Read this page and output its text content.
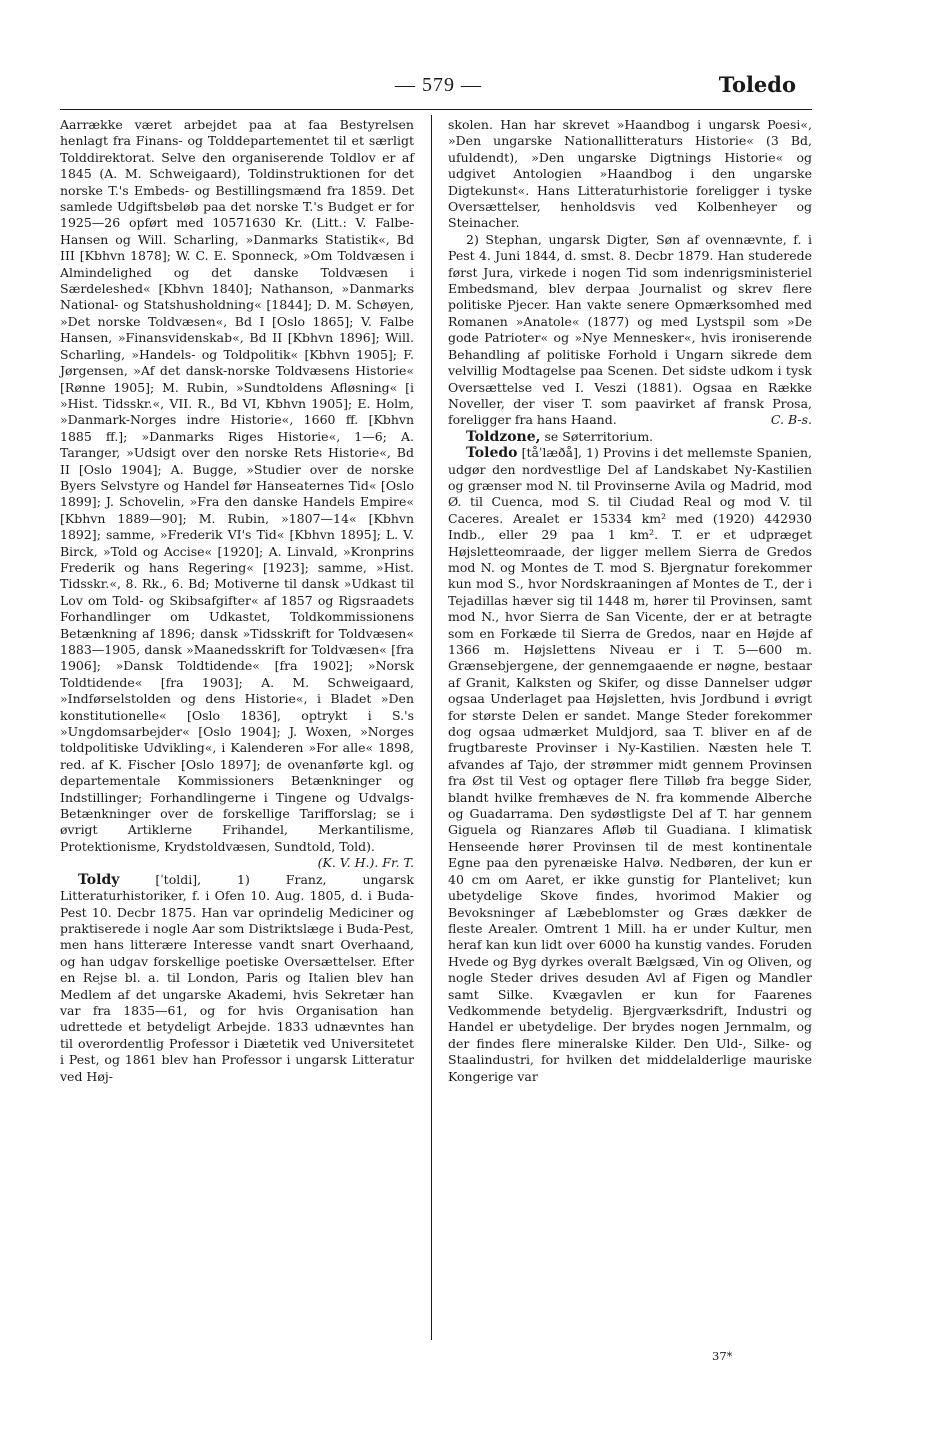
— 579 —	Toledo

Aarrække været arbejdet paa at faa Bestyrelsen henlagt fra Finans- og Tolddepartementet til et særligt Tolddirektorat. Selve den organiserende Toldlov er af 1845 (A. M. Schweigaard), Toldinstruktionen for det norske T.'s Embeds- og Bestillingsmænd fra 1859. Det samlede Udgiftsbeløb paa det norske T.'s Budget er for 1925—26 opført med 10571630 Kr. (Litt.: V. Falbe-Hansen og Will. Scharling, »Danmarks Statistik«, Bd III [Kbhvn 1878]; W. C. E. Sponneck, »Om Toldvæsen i Almindelighed og det danske Toldvæsen i Særdeleshed« [Kbhvn 1840]; Nathanson, »Danmarks National- og Statshusholdning« [1844]; D. M. Schøyen, »Det norske Toldvæsen«, Bd I [Oslo 1865]; V. Falbe Hansen, »Finansvidenskab«, Bd II [Kbhvn 1896]; Will. Scharling, »Handels- og Toldpolitik« [Kbhvn 1905]; F. Jørgensen, »Af det dansk-norske Toldvæsens Historie« [Rønne 1905]; M. Rubin, »Sundtoldens Afløsning« [i »Hist. Tidsskr.«, VII. R., Bd VI, Kbhvn 1905]; E. Holm, »Danmark-Norges indre Historie«, 1660 ff. [Kbhvn 1885 ff.]; »Danmarks Riges Historie«, 1—6; A. Taranger, »Udsigt over den norske Rets Historie«, Bd II [Oslo 1904]; A. Bugge, »Studier over de norske Byers Selvstyre og Handel før Hanseaternes Tid« [Oslo 1899]; J. Schovelin, »Fra den danske Handels Empire« [Kbhvn 1889—90]; M. Rubin, »1807—14« [Kbhvn 1892]; samme, »Frederik VI's Tid« [Kbhvn 1895]; L. V. Birck, »Told og Accise« [1920]; A. Linvald, »Kronprins Frederik og hans Regering« [1923]; samme, »Hist. Tidsskr.«, 8. Rk., 6. Bd; Motiverne til dansk »Udkast til Lov om Told- og Skibsafgifter« af 1857 og Rigsraadets Forhandlinger om Udkastet, Toldkommissionens Betænkning af 1896; dansk »Tidsskrift for Toldvæsen« 1883—1905, dansk »Maanedsskrift for Toldvæsen« [fra 1906]; »Dansk Toldtidende« [fra 1902]; »Norsk Toldtidende« [fra 1903]; A. M. Schweigaard, »Indførselstolden og dens Historie«, i Bladet »Den konstitutionelle« [Oslo 1836], optrykt i S.'s »Ungdomsarbejder« [Oslo 1904]; J. Woxen, »Norges toldpolitiske Udvikling«, i Kalenderen »For alle« 1898, red. af K. Fischer [Oslo 1897]; de ovenanførte kgl. og departementale Kommissioners Betænkninger og Indstillinger; Forhandlingerne i Tingene og Udvalgs-Betænkninger over de forskellige Tarifforslag; se i øvrigt Artiklerne Frihandel, Merkantilisme, Protektionisme, Krydstoldvæsen, Sundtold, Told).
(K. V. H.). Fr. T.

Toldy	[ˈtoldi], 1) Franz, ungarsk Litteraturhistoriker, f. i Ofen 10. Aug. 1805, d. i Buda-Pest 10. Decbr 1875. Han var oprindelig Mediciner og praktiserede i nogle Aar som Distriktslæge i Buda-Pest, men hans litterære Interesse vandt snart Overhaand, og han udgav forskellige poetiske Oversættelser. Efter en Rejse bl. a. til London, Paris og Italien blev han Medlem af det ungarske Akademi, hvis Sekretær han var fra 1835—61, og for hvis Organisation han udrettede et betydeligt Arbejde. 1833 udnævntes han til overordentlig Professor i Diætetik ved Universitetet i Pest, og 1861 blev han Professor i ungarsk Litteratur ved Høj-

skolen. Han har skrevet »Haandbog i ungarsk Poesi«, »Den ungarske Nationallitteraturs Historie« (3 Bd, ufuldendt), »Den ungarske Digtnings Historie« og udgivet Antologien »Haandbog i den ungarske Digtekunst«. Hans Litteraturhistorie foreligger i tyske Oversættelser, henholdsvis ved Kolbenheyer og Steinacher.

2) Stephan, ungarsk Digter, Søn af ovennævnte, f. i Pest 4. Juni 1844, d. smst. 8. Decbr 1879. Han studerede først Jura, virkede i nogen Tid som indenrigsministeriel Embedsmand, blev derpaa Journalist og skrev flere politiske Pjecer. Han vakte senere Opmærksomhed med Romanen »Anatole« (1877) og med Lystspil som »De gode Patrioter« og »Nye Mennesker«, hvis ironiserende Behandling af politiske Forhold i Ungarn sikrede dem velvillig Modtagelse paa Scenen. Det sidste udkom i tysk Oversættelse ved I. Veszi (1881). Ogsaa en Række Noveller, der viser T. som paavirket af fransk Prosa, foreligger fra hans Haand.	C. B-s.

Toldzone, se Søterritorium.

Toledo [tåˈlæðå], 1) Provins i det mellemste Spanien, udgør den nordvestlige Del af Landskabet Ny-Kastilien og grænser mod N. til Provinserne Avila og Madrid, mod Ø. til Cuenca, mod S. til Ciudad Real og mod V. til Caceres. Arealet er 15334 km² med (1920) 442930 Indb., eller 29 paa 1 km². T. er et udpræget Højsletteomraade, der ligger mellem Sierra de Gredos mod N. og Montes de T. mod S. Bjergnatur forekommer kun mod S., hvor Nordskraaningen af Montes de T., der i Tejadillas hæver sig til 1448 m, hører til Provinsen, samt mod N., hvor Sierra de San Vicente, der er at betragte som en Forkæde til Sierra de Gredos, naar en Højde af 1366 m. Højslettens Niveau er i T. 5—600 m. Grænsebjergene, der gennemgaaende er nøgne, bestaar af Granit, Kalksten og Skifer, og disse Dannelser udgør ogsaa Underlaget paa Højsletten, hvis Jordbund i øvrigt for største Delen er sandet. Mange Steder forekommer dog ogsaa udmærket Muldjord, saa T. bliver en af de frugtbareste Provinser i Ny-Kastilien. Næsten hele T. afvandes af Tajo, der strømmer midt gennem Provinsen fra Øst til Vest og optager flere Tilløb fra begge Sider, blandt hvilke fremhæves de N. fra kommende Alberche og Guadarrama. Den sydøstligste Del af T. har gennem Giguela og Rianzares Afløb til Guadiana. I klimatisk Henseende hører Provinsen til de mest kontinentale Egne paa den pyrenæiske Halvø. Nedbøren, der kun er 40 cm om Aaret, er ikke gunstig for Plantelivet; kun ubetydelige Skove findes, hvorimod Makier og Bevoksninger af Læbeblomster og Græs dækker de fleste Arealer. Omtrent 1 Mill. ha er under Kultur, men heraf kan kun lidt over 6000 ha kunstig vandes. Foruden Hvede og Byg dyrkes overalt Bælgsæd, Vin og Oliven, og nogle Steder drives desuden Avl af Figen og Mandler samt Silke. Kvægavlen er kun for Faarenes Vedkommende betydelig. Bjergværksdrift, Industri og Handel er ubetydelige. Der brydes nogen Jernmalm, og der findes flere mineralske Kilder. Den Uld-, Silke- og Staalindustri, for hvilken det middelalderlige mauriske Kongerige var

37*
